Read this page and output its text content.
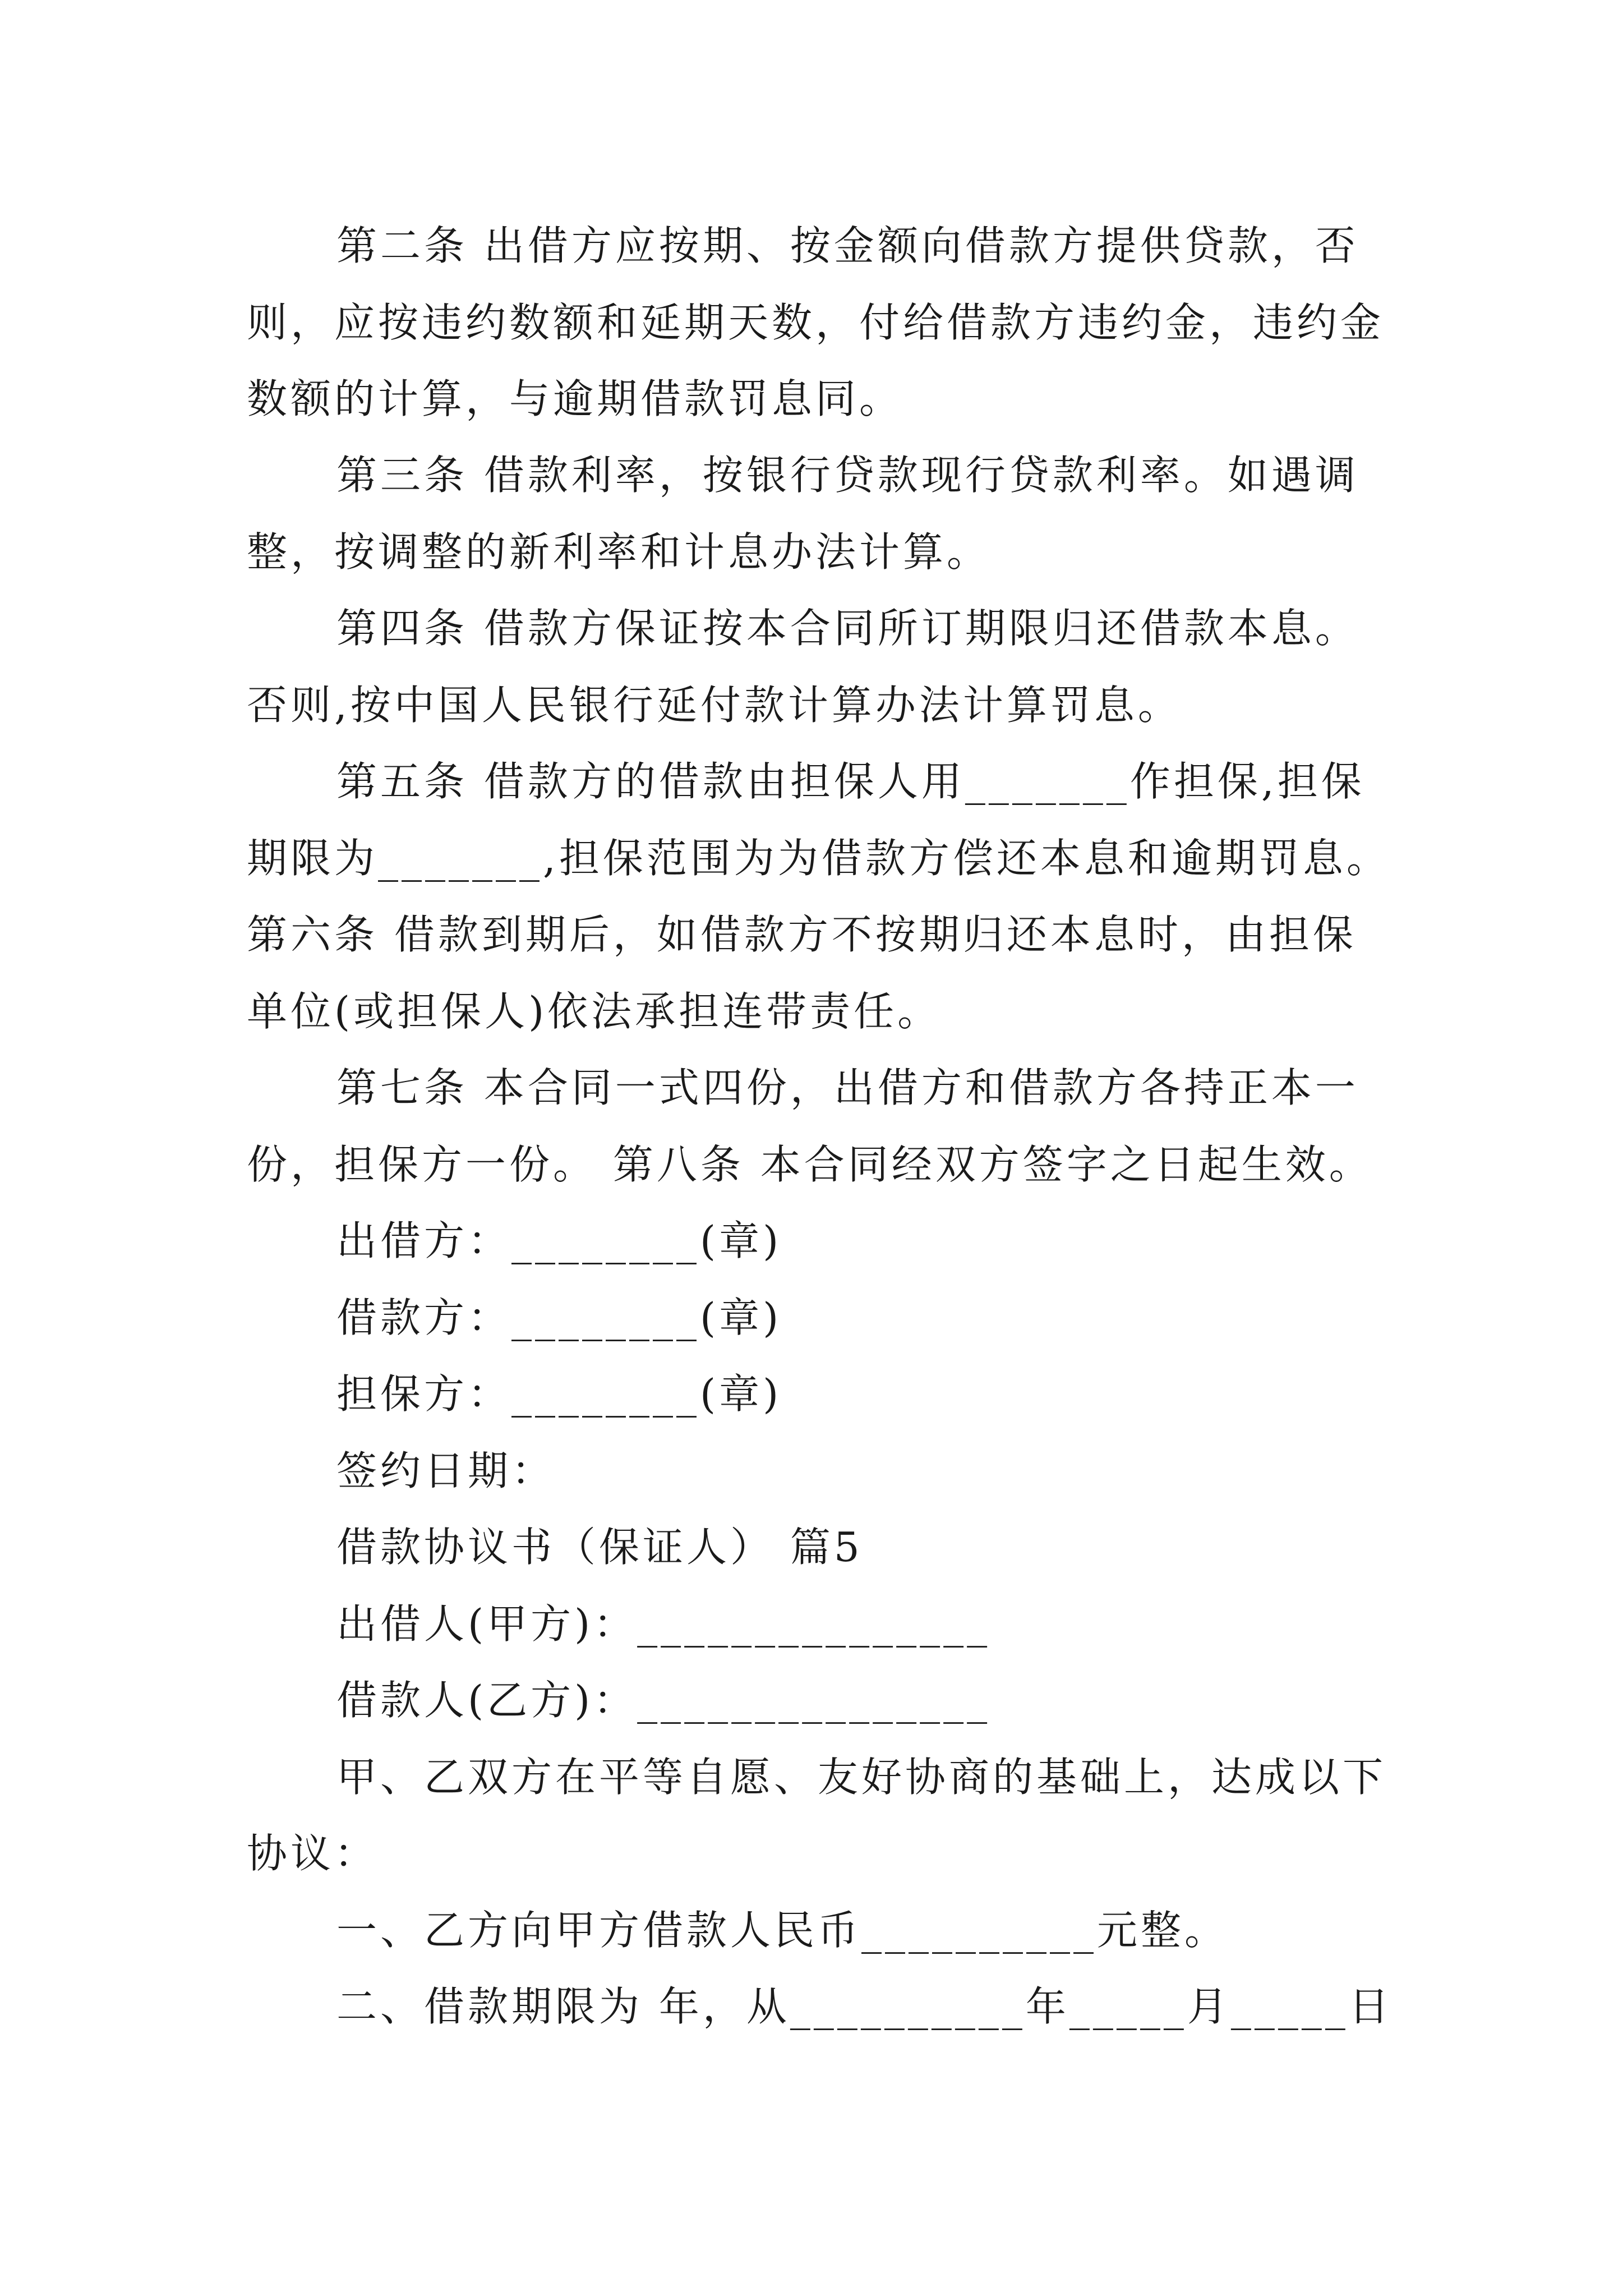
第二条 出借方应按期、按金额向借款方提供贷款，否
则，应按违约数额和延期天数，付给借款方违约金，违约金
数额的计算，与逾期借款罚息同。
第三条 借款利率，按银行贷款现行贷款利率。如遇调
整，按调整的新利率和计息办法计算。
第四条 借款方保证按本合同所订期限归还借款本息。
否则,按中国人民银行延付款计算办法计算罚息。
第五条 借款方的借款由担保人用_______作担保,担保
期限为_______,担保范围为为借款方偿还本息和逾期罚息。
第六条 借款到期后，如借款方不按期归还本息时，由担保
单位(或担保人)依法承担连带责任。
第七条 本合同一式四份，出借方和借款方各持正本一
份，担保方一份。 第八条 本合同经双方签字之日起生效。
出借方：________(章)
借款方：________(章)
担保方：________(章)
签约日期：
借款协议书（保证人） 篇5
出借人(甲方)：_______________
借款人(乙方)：_______________
甲、乙双方在平等自愿、友好协商的基础上，达成以下
协议：
一、乙方向甲方借款人民币__________元整。
二、借款期限为 年，从__________年_____月_____日
